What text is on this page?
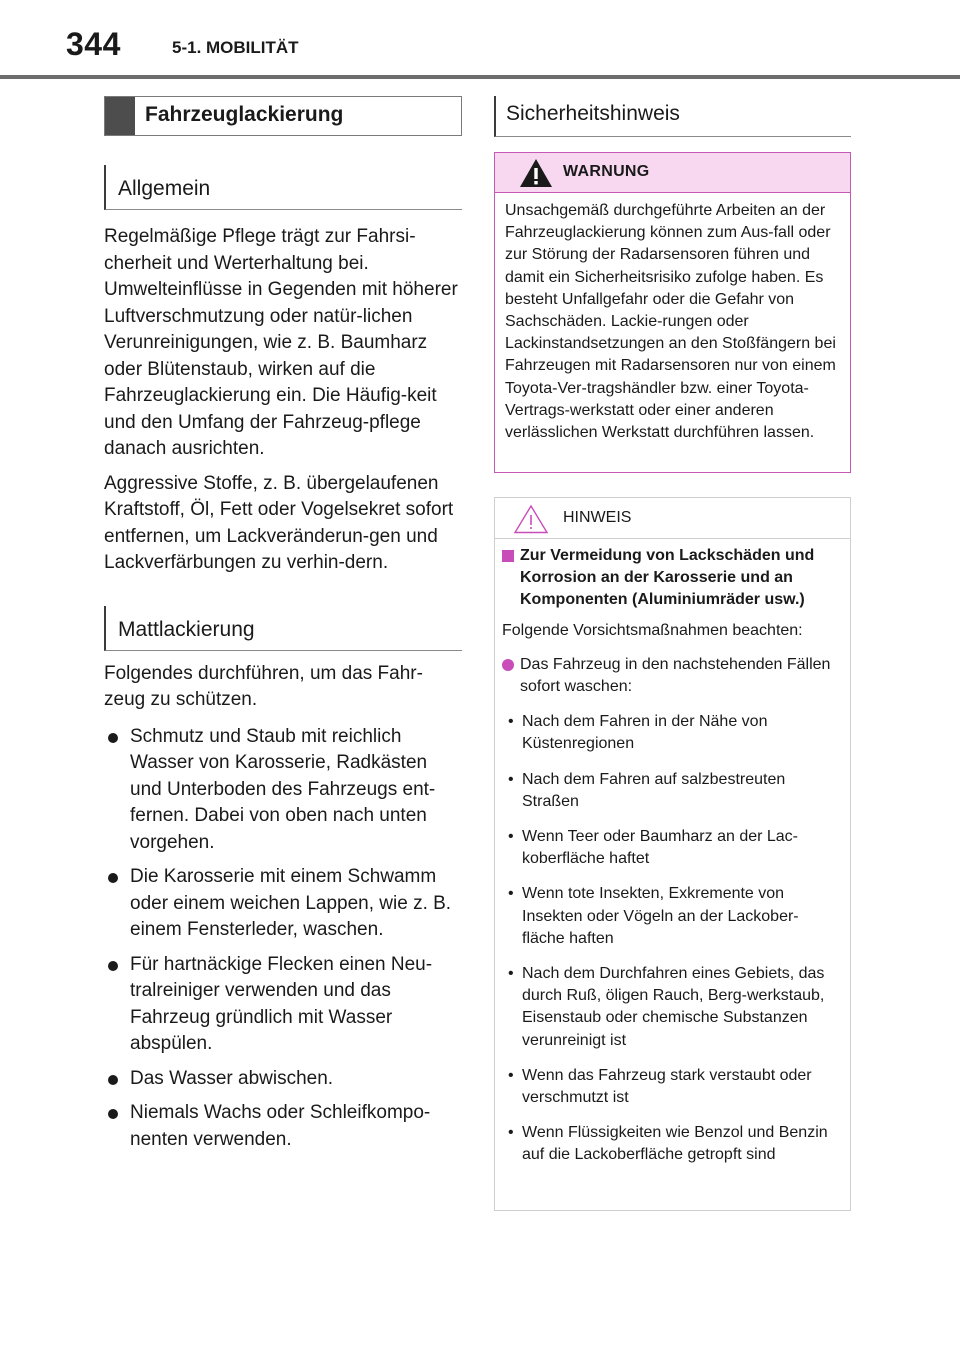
344	5-1. MOBILITÄT
Fahrzeuglackierung
Allgemein

Regelmäßige Pflege trägt zur Fahrsi-cherheit und Werterhaltung bei. Umwelteinflüsse in Gegenden mit höherer Luftverschmutzung oder natür-lichen Verunreinigungen, wie z. B. Baumharz oder Blütenstaub, wirken auf die Fahrzeuglackierung ein. Die Häufig-keit und den Umfang der Fahrzeug-pflege danach ausrichten.

Aggressive Stoffe, z. B. übergelaufenen Kraftstoff, Öl, Fett oder Vogelsekret sofort entfernen, um Lackveränderun-gen und Lackverfärbungen zu verhin-dern.

Mattlackierung

Folgendes durchführen, um das Fahr-zeug zu schützen.

Schmutz und Staub mit reichlich Wasser von Karosserie, Radkästen und Unterboden des Fahrzeugs ent-fernen. Dabei von oben nach unten vorgehen.
Die Karosserie mit einem Schwamm oder einem weichen Lappen, wie z. B. einem Fensterleder, waschen.
Für hartnäckige Flecken einen Neu-tralreiniger verwenden und das Fahrzeug gründlich mit Wasser abspülen.
Das Wasser abwischen.
Niemals Wachs oder Schleifkompo-nenten verwenden.
Sicherheitshinweis
WARNUNG
Unsachgemäß durchgeführte Arbeiten an der Fahrzeuglackierung können zum Aus-fall oder zur Störung der Radarsensoren führen und damit ein Sicherheitsrisiko zufolge haben. Es besteht Unfallgefahr oder die Gefahr von Sachschäden. Lackie-rungen oder Lackinstandsetzungen an den Stoßfängern bei Fahrzeugen mit Radarsensoren nur von einem Toyota-Ver-tragshändler bzw. einer Toyota-Vertrags-werkstatt oder einer anderen verlässlichen Werkstatt durchführen lassen.
HINWEIS
Zur Vermeidung von Lackschäden und Korrosion an der Karosserie und an Komponenten (Aluminiumräder usw.)
Folgende Vorsichtsmaßnahmen beachten:
Das Fahrzeug in den nachstehenden Fällen sofort waschen:
• Nach dem Fahren in der Nähe von Küstenregionen
• Nach dem Fahren auf salzbestreuten Straßen
• Wenn Teer oder Baumharz an der Lac-koberfläche haftet
• Wenn tote Insekten, Exkremente von Insekten oder Vögeln an der Lackober-fläche haften
• Nach dem Durchfahren eines Gebiets, das durch Ruß, öligen Rauch, Berg-werkstaub, Eisenstaub oder chemische Substanzen verunreinigt ist
• Wenn das Fahrzeug stark verstaubt oder verschmutzt ist
• Wenn Flüssigkeiten wie Benzol und Benzin auf die Lackoberfläche getropft sind
